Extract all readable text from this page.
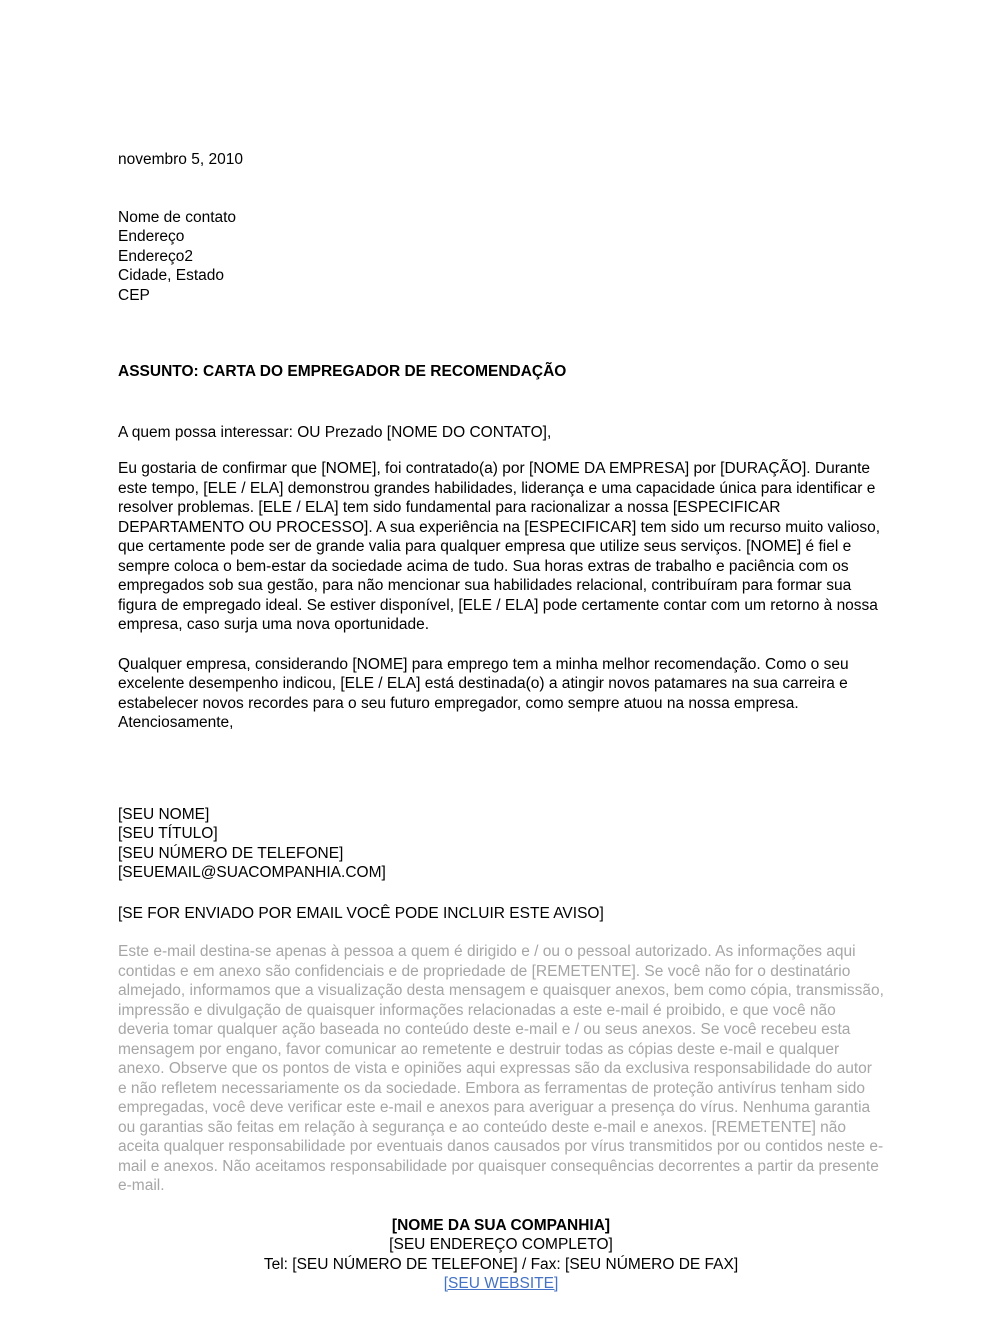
novembro 5, 2010
Nome de contato
Endereço
Endereço2
Cidade, Estado
CEP
ASSUNTO: CARTA DO EMPREGADOR DE RECOMENDAÇÃO
A quem possa interessar: OU Prezado [NOME DO CONTATO],

Eu gostaria de confirmar que [NOME], foi contratado(a) por [NOME DA EMPRESA] por [DURAÇÃO]. Durante este tempo, [ELE / ELA] demonstrou grandes habilidades, liderança e uma capacidade única para identificar e resolver problemas. [ELE / ELA] tem sido fundamental para racionalizar a nossa [ESPECIFICAR DEPARTAMENTO OU PROCESSO]. A sua experiência na [ESPECIFICAR] tem sido um recurso muito valioso, que certamente pode ser de grande valia para qualquer empresa que utilize seus serviços. [NOME] é fiel e sempre coloca o bem-estar da sociedade acima de tudo. Sua horas extras de trabalho e paciência com os empregados sob sua gestão, para não mencionar sua habilidades relacional, contribuíram para formar sua figura de empregado ideal. Se estiver disponível, [ELE / ELA] pode certamente contar com um retorno à nossa empresa, caso surja uma nova oportunidade.

Qualquer empresa, considerando [NOME] para emprego tem a minha melhor recomendação. Como o seu excelente desempenho indicou, [ELE / ELA] está destinada(o) a atingir novos patamares na sua carreira e estabelecer novos recordes para o seu futuro empregador, como sempre atuou na nossa empresa.

Atenciosamente,
[SEU NOME]
[SEU TÍTULO]
[SEU NÚMERO DE TELEFONE]
[SEUEMAIL@SUACOMPANHIA.COM]
[SE FOR ENVIADO POR EMAIL VOCÊ PODE INCLUIR ESTE AVISO]

Este e-mail destina-se apenas à pessoa a quem é dirigido e / ou o pessoal autorizado. As informações aqui contidas e em anexo são confidenciais e de propriedade de [REMETENTE]. Se você não for o destinatário almejado, informamos que a visualização desta mensagem e quaisquer anexos, bem como cópia, transmissão, impressão e divulgação de quaisquer informações relacionadas a este e-mail é proibido, e que você não deveria tomar qualquer ação baseada no conteúdo deste e-mail e / ou seus anexos. Se você recebeu esta mensagem por engano, favor comunicar ao remetente e destruir todas as cópias deste e-mail e qualquer anexo. Observe que os pontos de vista e opiniões aqui expressas são da exclusiva responsabilidade do autor e não refletem necessariamente os da sociedade. Embora as ferramentas de proteção antivírus tenham sido empregadas, você deve verificar este e-mail e anexos para averiguar a presença do vírus. Nenhuma garantia ou garantias são feitas em relação à segurança e ao conteúdo deste e-mail e anexos. [REMETENTE] não aceita qualquer responsabilidade por eventuais danos causados por vírus transmitidos por ou contidos neste e-mail e anexos. Não aceitamos responsabilidade por quaisquer consequências decorrentes a partir da presente e-mail.

[NOME DA SUA COMPANHIA]
[SEU ENDEREÇO COMPLETO]
Tel: [SEU NÚMERO DE TELEFONE] / Fax: [SEU NÚMERO DE FAX]
[SEU WEBSITE]
